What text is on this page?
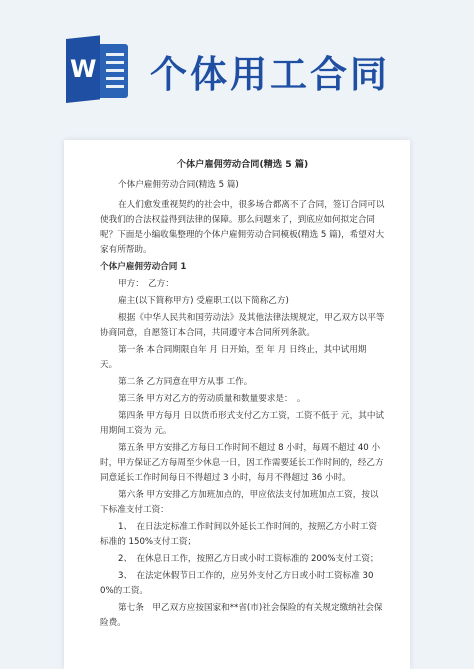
W 个体用工合同
个体户雇佣劳动合同(精选 5 篇)
个体户雇佣劳动合同(精选 5 篇)
在人们愈发重视契约的社会中，很多场合都离不了合同，签订合同可以使我们的合法权益得到法律的保障。那么问题来了，到底应如何拟定合同呢？下面是小编收集整理的个体户雇佣劳动合同模板(精选 5 篇)，希望对大家有所帮助。
个体户雇佣劳动合同 1
甲方：　乙方：
雇主(以下简称甲方) 受雇职工(以下简称乙方)
根据《中华人民共和国劳动法》及其他法律法规规定，甲乙双方以平等协商同意，自愿签订本合同，共同遵守本合同所列条款。
第一条 本合同期限自年 月 日开始，至 年 月 日终止，其中试用期 天。
第二条 乙方同意在甲方从事 工作。
第三条 甲方对乙方的劳动质量和数量要求是：　。
第四条 甲方每月 日以货币形式支付乙方工资，工资不低于 元，其中试用期间工资为 元。
第五条 甲方安排乙方每日工作时间不超过 8 小时，每周不超过 40 小时，甲方保证乙方每周至少休息一日，因工作需要延长工作时间的，经乙方同意延长工作时间每日不得超过 3 小时，每月不得超过 36 小时。
第六条 甲方安排乙方加班加点的，甲应依法支付加班加点工资，按以下标准支付工资：
1、　在日法定标准工作时间以外延长工作时间的，按照乙方小时工资标准的 150%支付工资；
2、　在休息日工作，按照乙方日或小时工资标准的 200%支付工资；
3、　在法定休假节日工作的，应另外支付乙方日或小时工资标准 300%的工资。
第七条　甲乙双方应按国家和**省(市)社会保险的有关规定缴纳社会保险费。
